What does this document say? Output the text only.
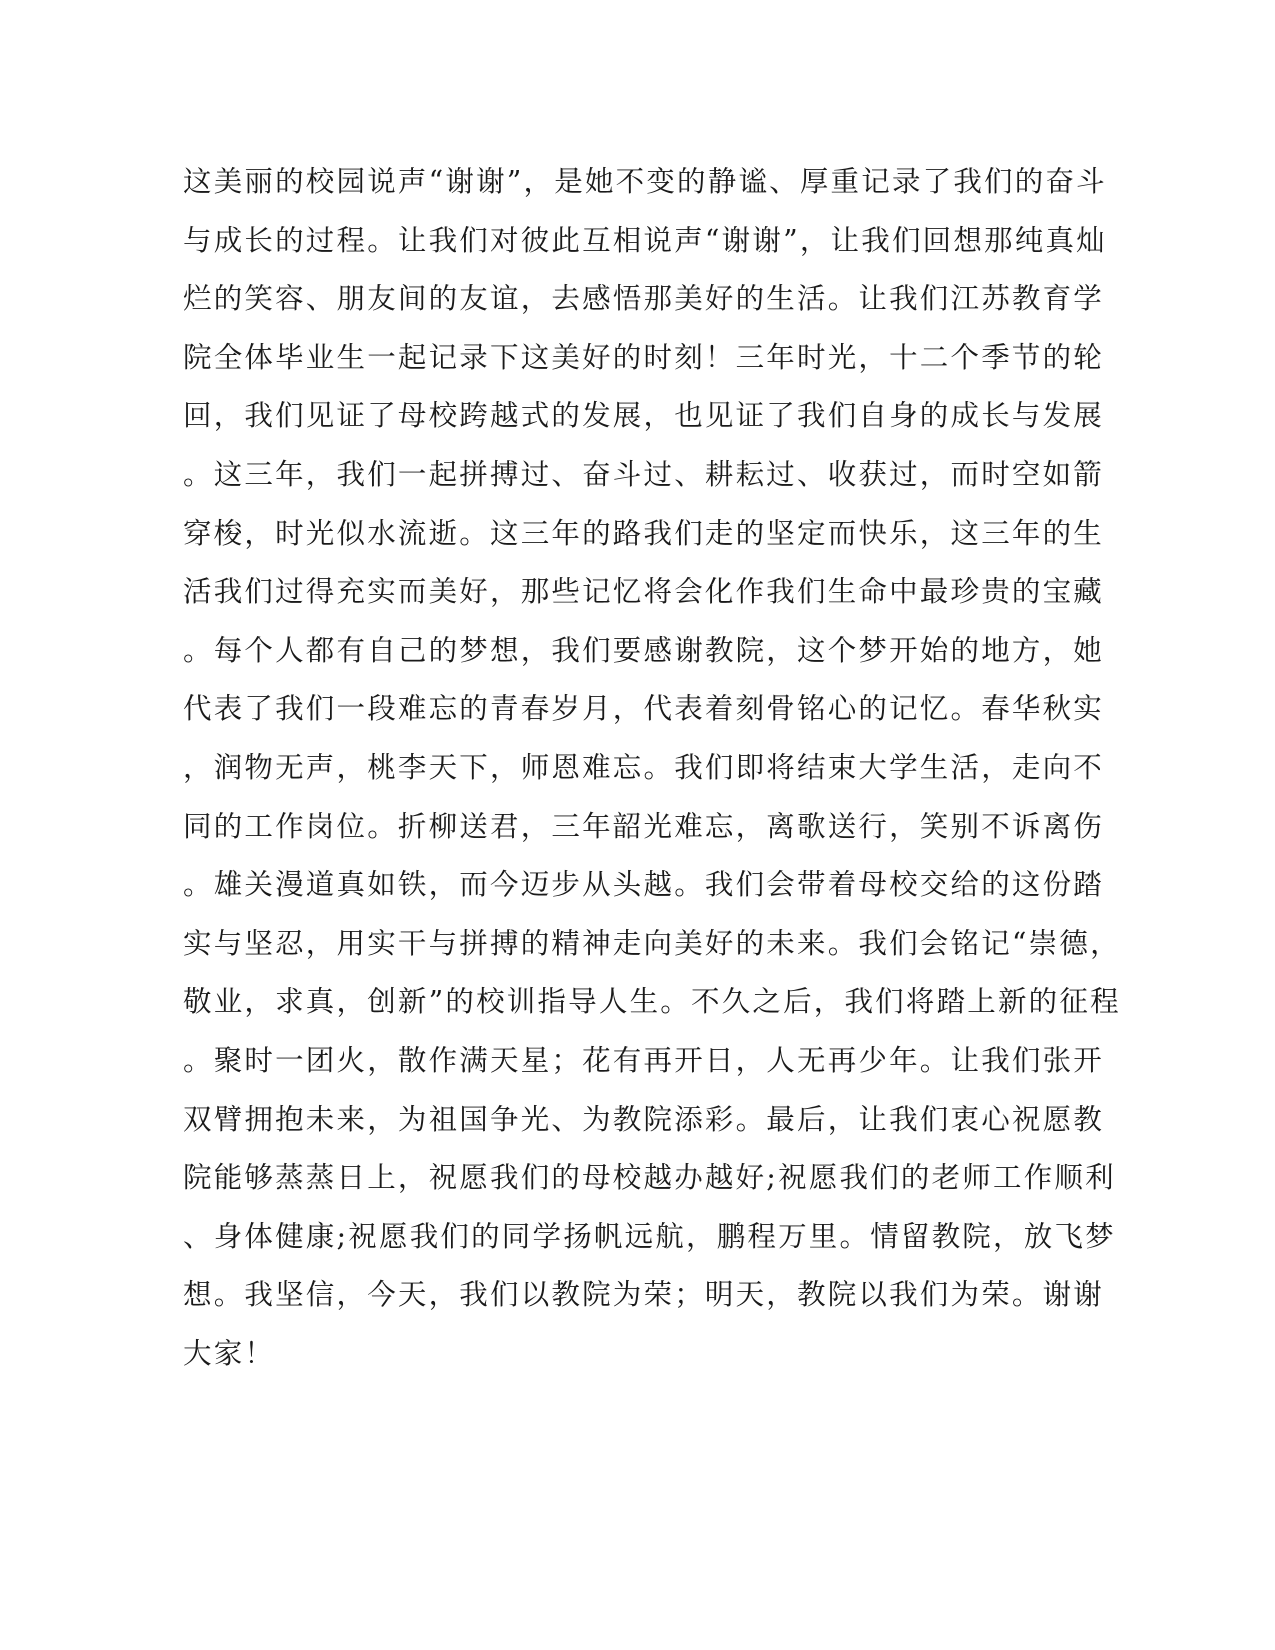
这美丽的校园说声“谢谢”，是她不变的静谧、厚重记录了我们的奋斗
与成长的过程。让我们对彼此互相说声“谢谢”，让我们回想那纯真灿
烂的笑容、朋友间的友谊，去感悟那美好的生活。让我们江苏教育学
院全体毕业生一起记录下这美好的时刻！三年时光，十二个季节的轮
回，我们见证了母校跨越式的发展，也见证了我们自身的成长与发展
。这三年，我们一起拼搏过、奋斗过、耕耘过、收获过，而时空如箭
穿梭，时光似水流逝。这三年的路我们走的坚定而快乐，这三年的生
活我们过得充实而美好，那些记忆将会化作我们生命中最珍贵的宝藏
。每个人都有自己的梦想，我们要感谢教院，这个梦开始的地方，她
代表了我们一段难忘的青春岁月，代表着刻骨铭心的记忆。春华秋实
，润物无声，桃李天下，师恩难忘。我们即将结束大学生活，走向不
同的工作岗位。折柳送君，三年韶光难忘，离歌送行，笑别不诉离伤
。雄关漫道真如铁，而今迈步从头越。我们会带着母校交给的这份踏
实与坚忍，用实干与拼搏的精神走向美好的未来。我们会铭记“崇德，
敬业，求真，创新”的校训指导人生。不久之后，我们将踏上新的征程
。聚时一团火，散作满天星；花有再开日，人无再少年。让我们张开
双臂拥抱未来，为祖国争光、为教院添彩。最后，让我们衷心祝愿教
院能够蒸蒸日上，祝愿我们的母校越办越好;祝愿我们的老师工作顺利
、身体健康;祝愿我们的同学扬帆远航，鹏程万里。情留教院，放飞梦
想。我坚信，今天，我们以教院为荣；明天，教院以我们为荣。谢谢
大家！
